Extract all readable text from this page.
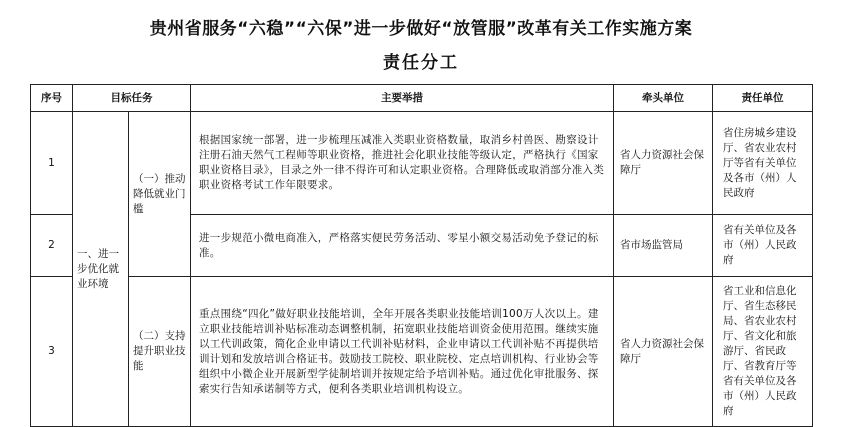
贵州省服务“六稳”“六保”进一步做好“放管服”改革有关工作实施方案
责任分工
序号	目标任务		主要举措	牵头单位	责任单位
1	一、进一步优化就业环境	（一）推动降低就业门槛	根据国家统一部署，进一步梳理压减准入类职业资格数量，取消乡村兽医、勘察设计注册石油天然气工程师等职业资格，推进社会化职业技能等级认定，严格执行《国家职业资格目录》，目录之外一律不得许可和认定职业资格。合理降低或取消部分准入类职业资格考试工作年限要求。	省人力资源社会保障厅	省住房城乡建设厅、省农业农村厅等省有关单位及各市（州）人民政府
2			进一步规范小微电商准入，严格落实便民劳务活动、零星小额交易活动免予登记的标准。	省市场监管局	省有关单位及各市（州）人民政府
3		（二）支持提升职业技能	重点围绕“四化”做好职业技能培训，全年开展各类职业技能培训100万人次以上。建立职业技能培训补贴标准动态调整机制，拓宽职业技能培训资金使用范围。继续实施以工代训政策，简化企业申请以工代训补贴材料，企业申请以工代训补贴不再提供培训计划和发放培训合格证书。鼓励技工院校、职业院校、定点培训机构、行业协会等组织中小微企业开展新型学徒制培训并按规定给予培训补贴。通过优化审批服务、探索实行告知承诺制等方式，便利各类职业培训机构设立。	省人力资源社会保障厅	省工业和信息化厅、省生态移民局、省农业农村厅、省文化和旅游厅、省民政厅、省教育厅等省有关单位及各市（州）人民政府
